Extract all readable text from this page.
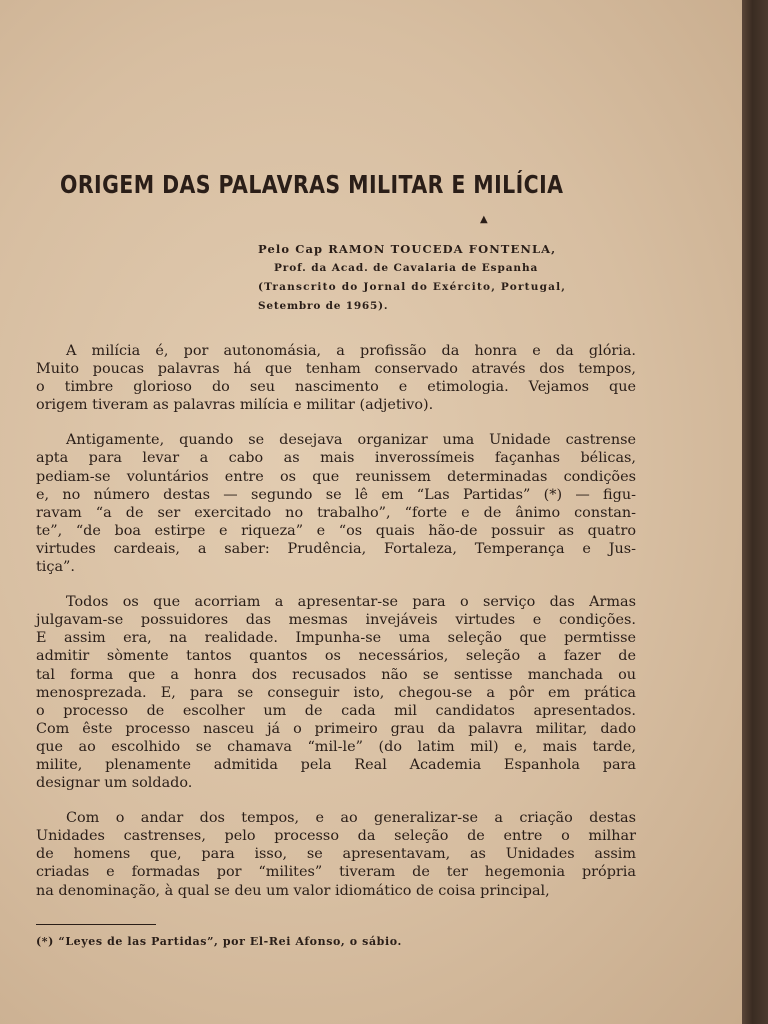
ORIGEM DAS PALAVRAS MILITAR E MILÍCIA
▲
Pelo Cap RAMON TOUCEDA FONTENLA,
Prof. da Acad. de Cavalaria de Espanha
(Transcrito do Jornal do Exército, Portugal,
Setembro de 1965).
A milícia é, por autonomásia, a profissão da honra e da glória.
Muito poucas palavras há que tenham conservado através dos tempos,
o timbre glorioso do seu nascimento e etimologia. Vejamos que
origem tiveram as palavras milícia e militar (adjetivo).
Antigamente, quando se desejava organizar uma Unidade castrense
apta para levar a cabo as mais inverossímeis façanhas bélicas,
pediam-se voluntários entre os que reunissem determinadas condições
e, no número destas — segundo se lê em “Las Partidas” (*) — figu-
ravam “a de ser exercitado no trabalho”, “forte e de ânimo constan-
te”, “de boa estirpe e riqueza” e “os quais hão-de possuir as quatro
virtudes cardeais, a saber: Prudência, Fortaleza, Temperança e Jus-
tiça”.
Todos os que acorriam a apresentar-se para o serviço das Armas
julgavam-se possuidores das mesmas invejáveis virtudes e condições.
E assim era, na realidade. Impunha-se uma seleção que permtisse
admitir sòmente tantos quantos os necessários, seleção a fazer de
tal forma que a honra dos recusados não se sentisse manchada ou
menosprezada. E, para se conseguir isto, chegou-se a pôr em prática
o processo de escolher um de cada mil candidatos apresentados.
Com êste processo nasceu já o primeiro grau da palavra militar, dado
que ao escolhido se chamava “mil-le” (do latim mil) e, mais tarde,
milite, plenamente admitida pela Real Academia Espanhola para
designar um soldado.
Com o andar dos tempos, e ao generalizar-se a criação destas
Unidades castrenses, pelo processo da seleção de entre o milhar
de homens que, para isso, se apresentavam, as Unidades assim
criadas e formadas por “milites” tiveram de ter hegemonia própria
na denominação, à qual se deu um valor idiomático de coisa principal,

(*) “Leyes de las Partidas”, por El-Rei Afonso, o sábio.
